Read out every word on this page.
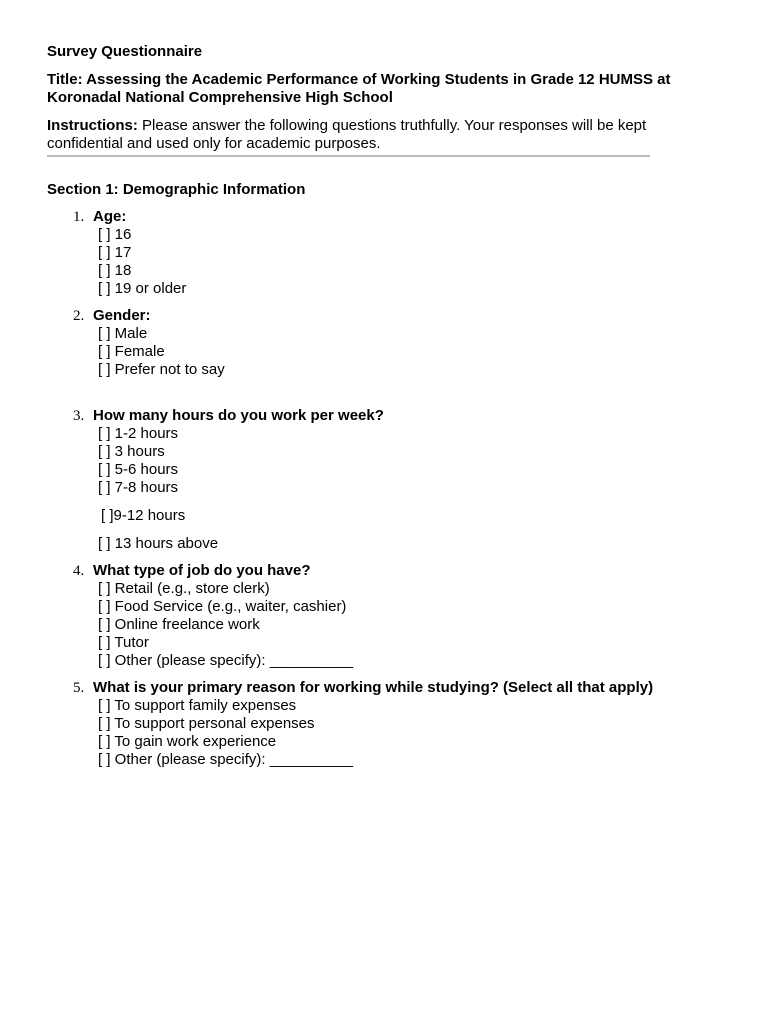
Survey Questionnaire

Title: Assessing the Academic Performance of Working Students in Grade 12 HUMSS at Koronadal National Comprehensive High School

Instructions: Please answer the following questions truthfully. Your responses will be kept confidential and used only for academic purposes.

Section 1: Demographic Information

1. Age:
[ ] 16
[ ] 17
[ ] 18
[ ] 19 or older
2. Gender:
[ ] Male
[ ] Female
[ ] Prefer not to say
3. How many hours do you work per week?
[ ] 1-2 hours
[ ] 3 hours
[ ] 5-6 hours
[ ] 7-8 hours
[ ]9-12 hours
[ ] 13 hours above
4. What type of job do you have?
[ ] Retail (e.g., store clerk)
[ ] Food Service (e.g., waiter, cashier)
[ ] Online freelance work
[ ] Tutor
[ ] Other (please specify): __________
5. What is your primary reason for working while studying? (Select all that apply)
[ ] To support family expenses
[ ] To support personal expenses
[ ] To gain work experience
[ ] Other (please specify): __________
